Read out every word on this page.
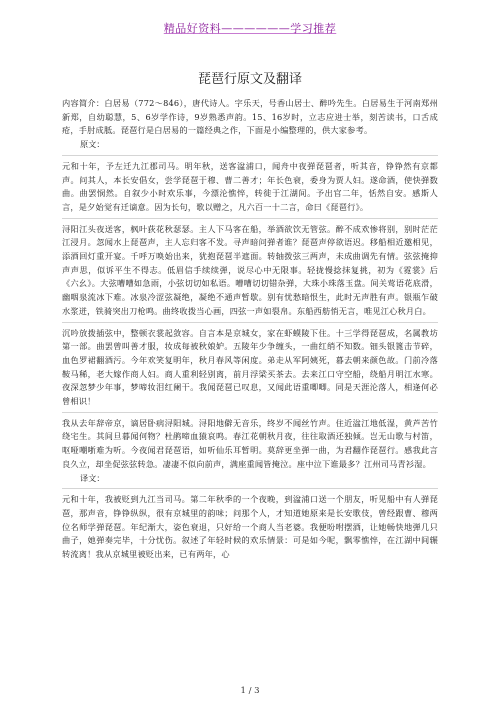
精品好资料——————学习推荐
琵琶行原文及翻译

内容简介：白居易（772～846），唐代诗人。字乐天，号香山居士、醉吟先生。白居易生于河南郑州新郑，自幼聪慧，5、6岁学作诗，9岁熟悉声韵。15、16岁时，立志应进士举，刻苦读书，口舌成疮，手肘成胝。琵琶行是白居易的一篇经典之作，下面是小编整理的，供大家参考。

原文：

元和十年，予左迁九江郡司马。明年秋，送客湓浦口，闻舟中夜弹琵琶者，听其音，铮铮然有京都声。问其人，本长安倡女，尝学琵琶于穆、曹二善才；年长色衰，委身为贾人妇。遂命酒，使快弹数曲。曲罢悯然。自叙少小时欢乐事，今漂沦憔悴，转徙于江湖间。予出官二年，恬然自安。感斯人言，是夕始觉有迁谪意。因为长句，歌以赠之，凡六百一十二言，命曰《琵琶行》。

浔阳江头夜送客，枫叶荻花秋瑟瑟。主人下马客在船，举酒欲饮无管弦。醉不成欢惨将别，别时茫茫江浸月。忽闻水上琵琶声，主人忘归客不发。寻声暗问弹者谁？琵琶声停欲语迟。移船相近邀相见，添酒回灯重开宴。千呼万唤始出来，犹抱琵琶半遮面。转轴拨弦三两声，未成曲调先有情。弦弦掩抑声声思，似诉平生不得志。低眉信手续续弹，说尽心中无限事。轻拢慢捻抹复挑，初为《霓裳》后《六幺》。大弦嘈嘈如急雨，小弦切切如私语。嘈嘈切切错杂弹，大珠小珠落玉盘。间关莺语花底滑，幽咽泉流冰下难。冰泉冷涩弦凝绝，凝绝不通声暂歇。别有忧愁暗恨生，此时无声胜有声。银瓶乍破水浆迸，铁骑突出刀枪鸣。曲终收拨当心画，四弦一声如裂帛。东船西舫悄无言，唯见江心秋月白。

沉吟放拨插弦中，整顿衣裳起敛容。自言本是京城女，家在虾蟆陵下住。十三学得琵琶成，名属教坊第一部。曲罢曾叫善才服，妆成每被秋娘妒。五陵年少争缠头，一曲红绡不知数。钿头银篦击节碎，血色罗裙翻酒污。今年欢笑复明年，秋月春风等闲度。弟走从军阿姨死，暮去朝来颜色故。门前冷落鞍马稀，老大嫁作商人妇。商人重利轻别离，前月浮梁买茶去。去来江口守空船，绕船月明江水寒。夜深忽梦少年事，梦啼妆泪红阑干。我闻琵琶已叹息，又闻此语重唧唧。同是天涯沦落人，相逢何必曾相识！

我从去年辞帝京，谪居卧病浔阳城。浔阳地僻无音乐，终岁不闻丝竹声。住近湓江地低湿，黄芦苦竹绕宅生。其间旦暮闻何物？杜鹃啼血猿哀鸣。春江花朝秋月夜，往往取酒还独倾。岂无山歌与村笛，呕哑嘲哳难为听。今夜闻君琵琶语，如听仙乐耳暂明。莫辞更坐弹一曲，为君翻作琵琶行。感我此言良久立，却坐促弦弦转急。凄凄不似向前声，满座重闻皆掩泣。座中泣下谁最多？江州司马青衫湿。

译文：

元和十年，我被贬到九江当司马。第二年秋季的一个夜晚，到湓浦口送一个朋友，听见船中有人弹琵琶，那声音，铮铮纵纵，很有京城里的韵味；问那个人，才知道她原来是长安歌伎，曾经跟曹、穆两位名师学弹琵琶。年纪渐大，姿色衰退，只好给一个商人当老婆。我便吩咐摆酒，让她畅快地弹几只曲子，她弹奏完毕，十分忧伤。叙述了年轻时候的欢乐情景：可是如今呢，飘零憔悴，在江湖中间辗转流离！我从京城里被贬出来，已有两年，心

1 / 3
